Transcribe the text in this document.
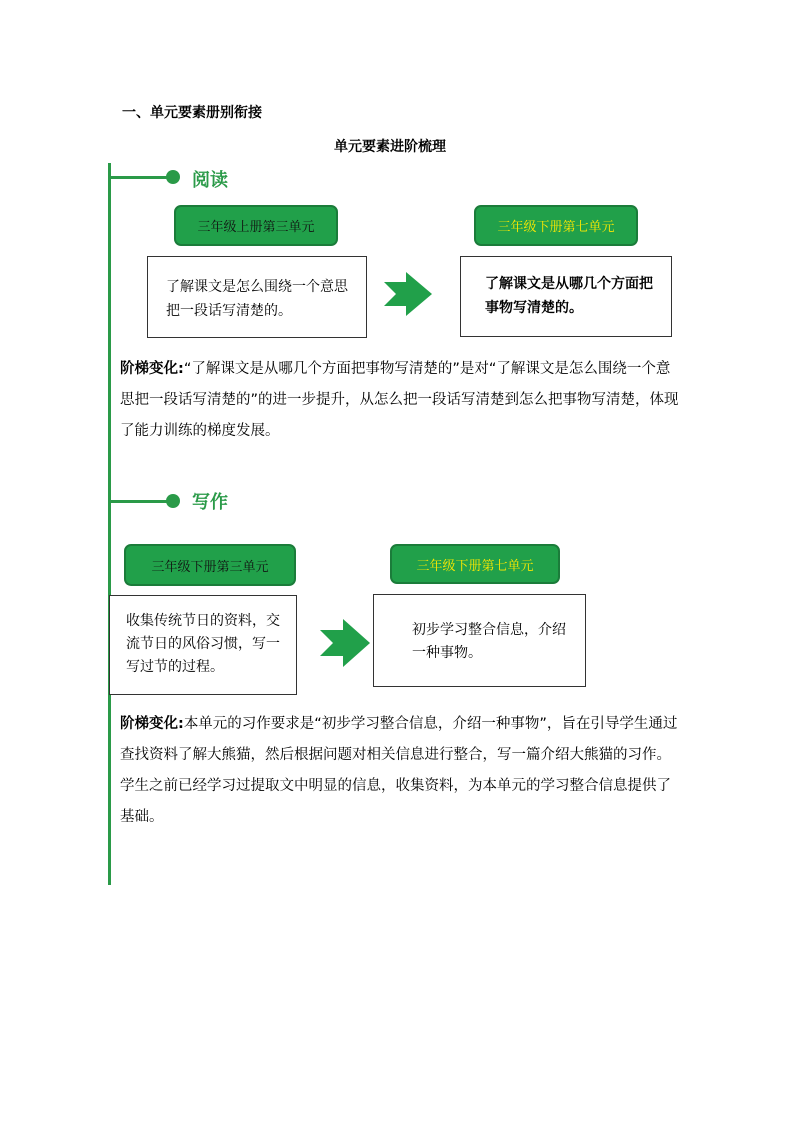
一、单元要素册别衔接
单元要素进阶梳理
阅读
三年级上册第三单元	三年级下册第七单元
了解课文是怎么围绕一个意思把一段话写清楚的。
了解课文是从哪几个方面把事物写清楚的。
阶梯变化:“了解课文是从哪几个方面把事物写清楚的”是对“了解课文是怎么围绕一个意思把一段话写清楚的”的进一步提升，从怎么把一段话写清楚到怎么把事物写清楚，体现了能力训练的梯度发展。
写作
三年级下册第三单元	三年级下册第七单元
收集传统节日的资料，交流节日的风俗习惯，写一写过节的过程。
初步学习整合信息，介绍一种事物。
阶梯变化:本单元的习作要求是“初步学习整合信息，介绍一种事物”，旨在引导学生通过查找资料了解大熊猫，然后根据问题对相关信息进行整合，写一篇介绍大熊猫的习作。学生之前已经学习过提取文中明显的信息，收集资料，为本单元的学习整合信息提供了基础。
